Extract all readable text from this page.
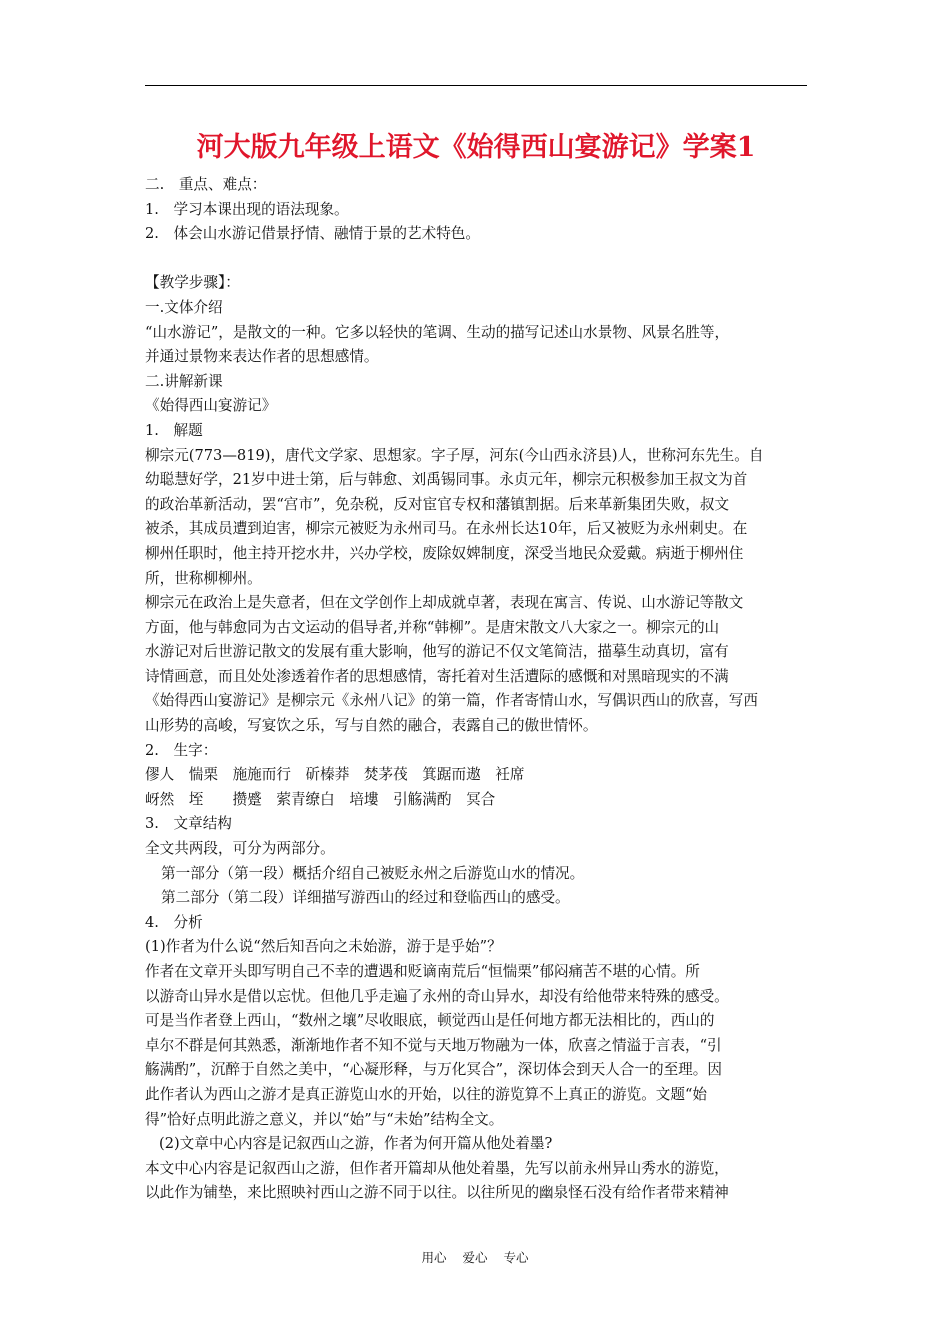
河大版九年级上语文《始得西山宴游记》学案1

二.　重点、难点：

1.　学习本课出现的语法现象。

2.　体会山水游记借景抒情、融情于景的艺术特色。

【教学步骤】：

一.文体介绍

“山水游记”，是散文的一种。它多以轻快的笔调、生动的描写记述山水景物、风景名胜等，

并通过景物来表达作者的思想感情。

二.讲解新课

《始得西山宴游记》

1.　解题

柳宗元(773—819)，唐代文学家、思想家。字子厚，河东(今山西永济县)人，世称河东先生。自

幼聪慧好学，21岁中进士第，后与韩愈、刘禹锡同事。永贞元年，柳宗元积极参加王叔文为首

的政治革新活动，罢“宫市”，免杂税，反对宦官专权和藩镇割据。后来革新集团失败，叔文

被杀，其成员遭到迫害，柳宗元被贬为永州司马。在永州长达10年，后又被贬为永州刺史。在

柳州任职时，他主持开挖水井，兴办学校，废除奴婢制度，深受当地民众爱戴。病逝于柳州住

所，世称柳柳州。

柳宗元在政治上是失意者，但在文学创作上却成就卓著，表现在寓言、传说、山水游记等散文

方面，他与韩愈同为古文运动的倡导者,并称“韩柳”。是唐宋散文八大家之一。柳宗元的山

水游记对后世游记散文的发展有重大影响，他写的游记不仅文笔简洁，描摹生动真切，富有

诗情画意，而且处处渗透着作者的思想感情，寄托着对生活遭际的感慨和对黑暗现实的不满

《始得西山宴游记》是柳宗元《永州八记》的第一篇，作者寄情山水，写偶识西山的欣喜，写西

山形势的高峻，写宴饮之乐，写与自然的融合，表露自己的傲世情怀。

2.　生字：

僇人　惴栗　施施而行　斫榛莽　焚茅茷　箕踞而遨　衽席

岈然　垤　　攒蹙　萦青缭白　培塿　引觞满酌　冥合

3.　文章结构

全文共两段，可分为两部分。

第一部分（第一段）概括介绍自己被贬永州之后游览山水的情况。

第二部分（第二段）详细描写游西山的经过和登临西山的感受。

4.　分析

(1)作者为什么说“然后知吾向之未始游，游于是乎始”？

作者在文章开头即写明自己不幸的遭遇和贬谪南荒后“恒惴栗”郁闷痛苦不堪的心情。所

以游奇山异水是借以忘忧。但他几乎走遍了永州的奇山异水，却没有给他带来特殊的感受。

可是当作者登上西山，“数州之壤”尽收眼底，顿觉西山是任何地方都无法相比的，西山的

卓尔不群是何其熟悉，渐渐地作者不知不觉与天地万物融为一体，欣喜之情溢于言表，“引

觞满酌”，沉醉于自然之美中，“心凝形释，与万化冥合”，深切体会到天人合一的至理。因

此作者认为西山之游才是真正游览山水的开始，以往的游览算不上真正的游览。文题“始

得”恰好点明此游之意义，并以“始”与“未始”结构全文。

(2)文章中心内容是记叙西山之游，作者为何开篇从他处着墨?

本文中心内容是记叙西山之游，但作者开篇却从他处着墨，先写以前永州异山秀水的游览，

以此作为铺垫，来比照映衬西山之游不同于以往。以往所见的幽泉怪石没有给作者带来精神

用心 爱心 专心
